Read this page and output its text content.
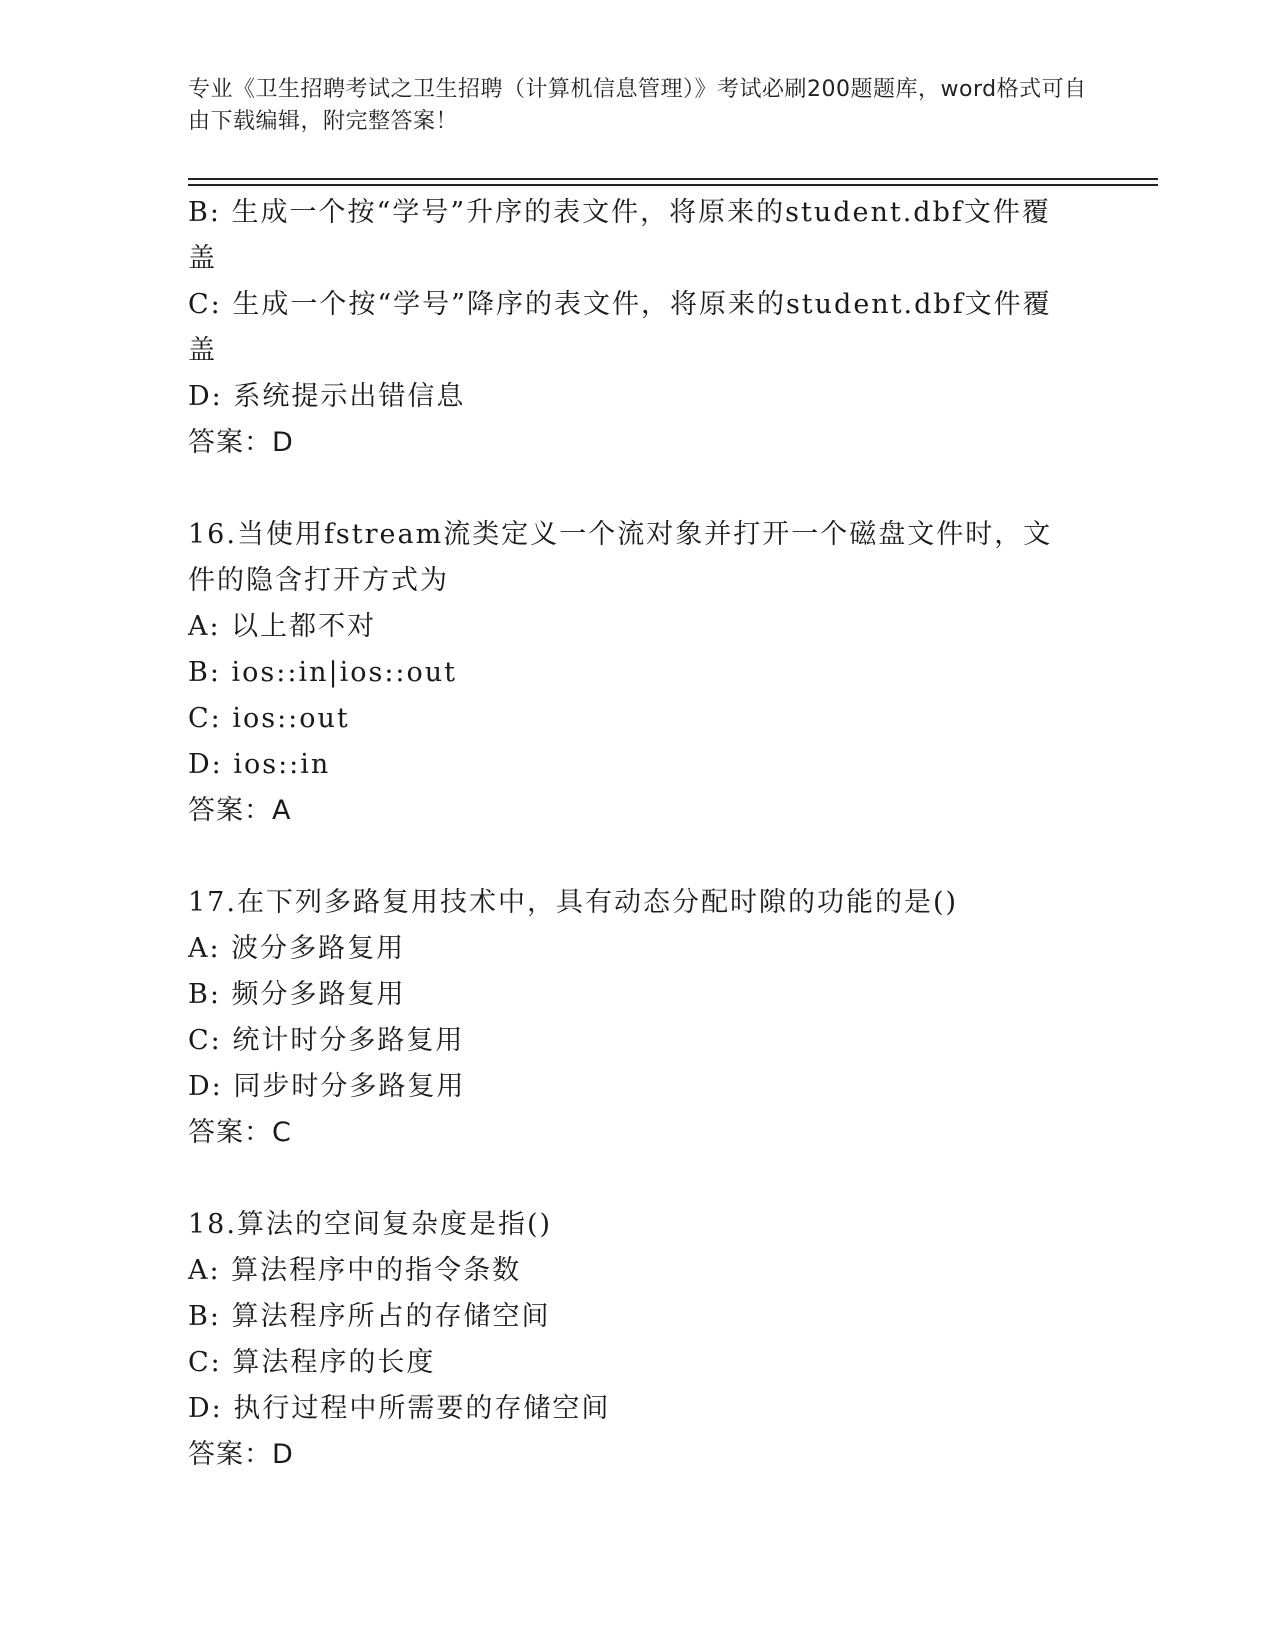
专业《卫生招聘考试之卫生招聘（计算机信息管理）》考试必刷200题题库，word格式可自由下载编辑，附完整答案！
B: 生成一个按“学号”升序的表文件，将原来的student.dbf文件覆盖
C: 生成一个按“学号”降序的表文件，将原来的student.dbf文件覆盖
D: 系统提示出错信息
答案：D
16.当使用fstream流类定义一个流对象并打开一个磁盘文件时，文件的隐含打开方式为
A: 以上都不对
B: ios::in|ios::out
C: ios::out
D: ios::in
答案：A
17.在下列多路复用技术中，具有动态分配时隙的功能的是()
A: 波分多路复用
B: 频分多路复用
C: 统计时分多路复用
D: 同步时分多路复用
答案：C
18.算法的空间复杂度是指()
A: 算法程序中的指令条数
B: 算法程序所占的存储空间
C: 算法程序的长度
D: 执行过程中所需要的存储空间
答案：D
